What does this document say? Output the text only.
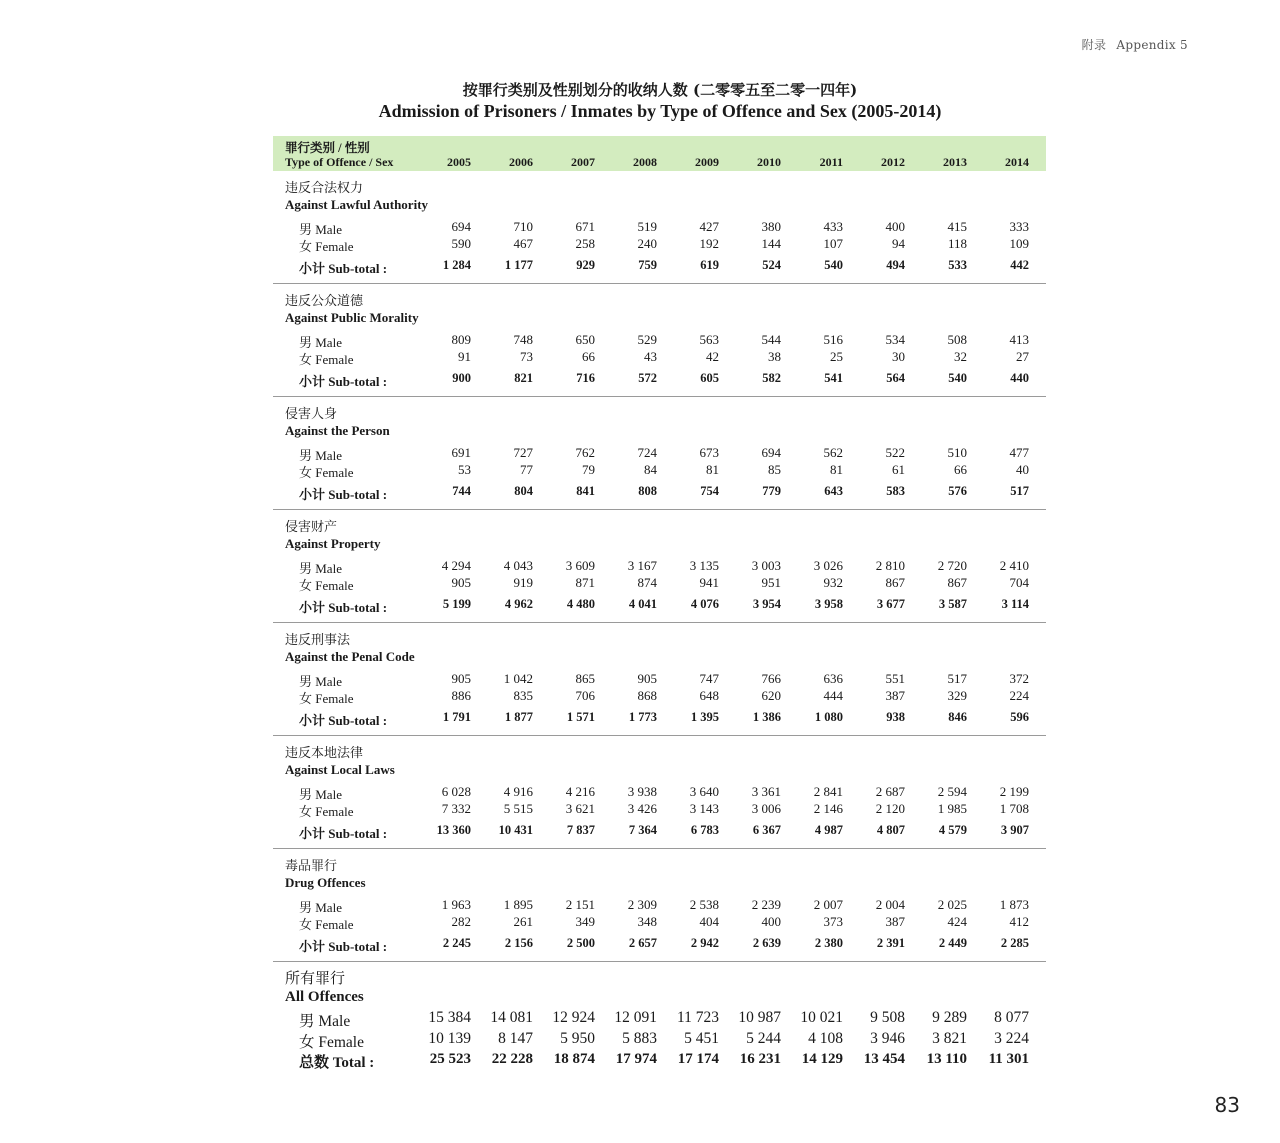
附录 Appendix 5
按罪行类别及性别划分的收纳人数 (二零零五至二零一四年)
Admission of Prisoners / Inmates by Type of Offence and Sex (2005-2014)
罪行类别 / 性别
Type of Offence / Sex	2005	2006	2007	2008	2009	2010	2011	2012	2013	2014
违反合法权力
Against Lawful Authority
男 Male	694	710	671	519	427	380	433	400	415	333
女 Female	590	467	258	240	192	144	107	94	118	109
小计 Sub-total :	1 284	1 177	929	759	619	524	540	494	533	442
违反公众道德
Against Public Morality
男 Male	809	748	650	529	563	544	516	534	508	413
女 Female	91	73	66	43	42	38	25	30	32	27
小计 Sub-total :	900	821	716	572	605	582	541	564	540	440
侵害人身
Against the Person
男 Male	691	727	762	724	673	694	562	522	510	477
女 Female	53	77	79	84	81	85	81	61	66	40
小计 Sub-total :	744	804	841	808	754	779	643	583	576	517
侵害财产
Against Property
男 Male	4 294	4 043	3 609	3 167	3 135	3 003	3 026	2 810	2 720	2 410
女 Female	905	919	871	874	941	951	932	867	867	704
小计 Sub-total :	5 199	4 962	4 480	4 041	4 076	3 954	3 958	3 677	3 587	3 114
违反刑事法
Against the Penal Code
男 Male	905	1 042	865	905	747	766	636	551	517	372
女 Female	886	835	706	868	648	620	444	387	329	224
小计 Sub-total :	1 791	1 877	1 571	1 773	1 395	1 386	1 080	938	846	596
违反本地法律
Against Local Laws
男 Male	6 028	4 916	4 216	3 938	3 640	3 361	2 841	2 687	2 594	2 199
女 Female	7 332	5 515	3 621	3 426	3 143	3 006	2 146	2 120	1 985	1 708
小计 Sub-total :	13 360	10 431	7 837	7 364	6 783	6 367	4 987	4 807	4 579	3 907
毒品罪行
Drug Offences
男 Male	1 963	1 895	2 151	2 309	2 538	2 239	2 007	2 004	2 025	1 873
女 Female	282	261	349	348	404	400	373	387	424	412
小计 Sub-total :	2 245	2 156	2 500	2 657	2 942	2 639	2 380	2 391	2 449	2 285
所有罪行
All Offences
男 Male	15 384	14 081	12 924	12 091	11 723	10 987	10 021	9 508	9 289	8 077
女 Female	10 139	8 147	5 950	5 883	5 451	5 244	4 108	3 946	3 821	3 224
总数 Total :	25 523	22 228	18 874	17 974	17 174	16 231	14 129	13 454	13 110	11 301
83
